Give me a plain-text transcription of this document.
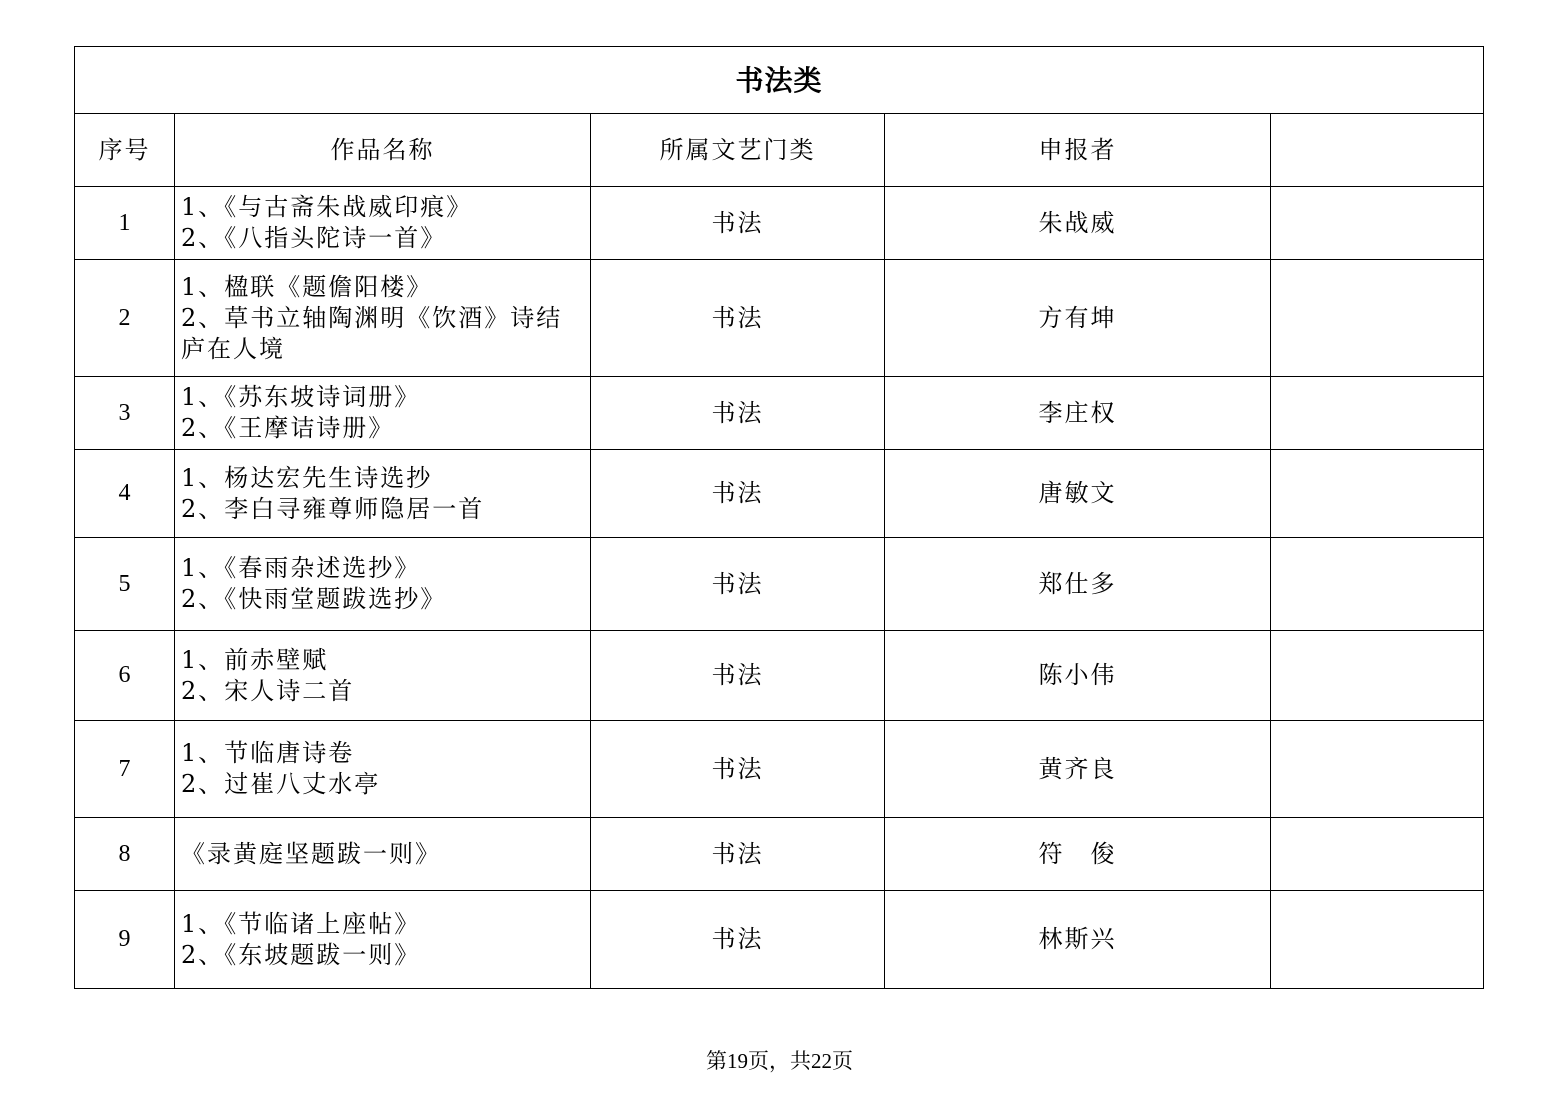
书法类				
序号	作品名称	所属文艺门类	申报者	
1	1、《与古斋朱战威印痕》
2、《八指头陀诗一首》	书法	朱战威	
2	1、楹联《题儋阳楼》
2、草书立轴陶渊明《饮酒》诗结庐在人境	书法	方有坤	
3	1、《苏东坡诗词册》
2、《王摩诘诗册》	书法	李庄权	
4	1、杨达宏先生诗选抄
2、李白寻雍尊师隐居一首	书法	唐敏文	
5	1、《春雨杂述选抄》
2、《快雨堂题跋选抄》	书法	郑仕多	
6	1、前赤壁赋
2、宋人诗二首	书法	陈小伟	
7	1、节临唐诗卷
2、过崔八丈水亭	书法	黄齐良	
8	《录黄庭坚题跋一则》	书法	符　俊	
9	1、《节临诸上座帖》
2、《东坡题跋一则》	书法	林斯兴	
第19页，共22页
